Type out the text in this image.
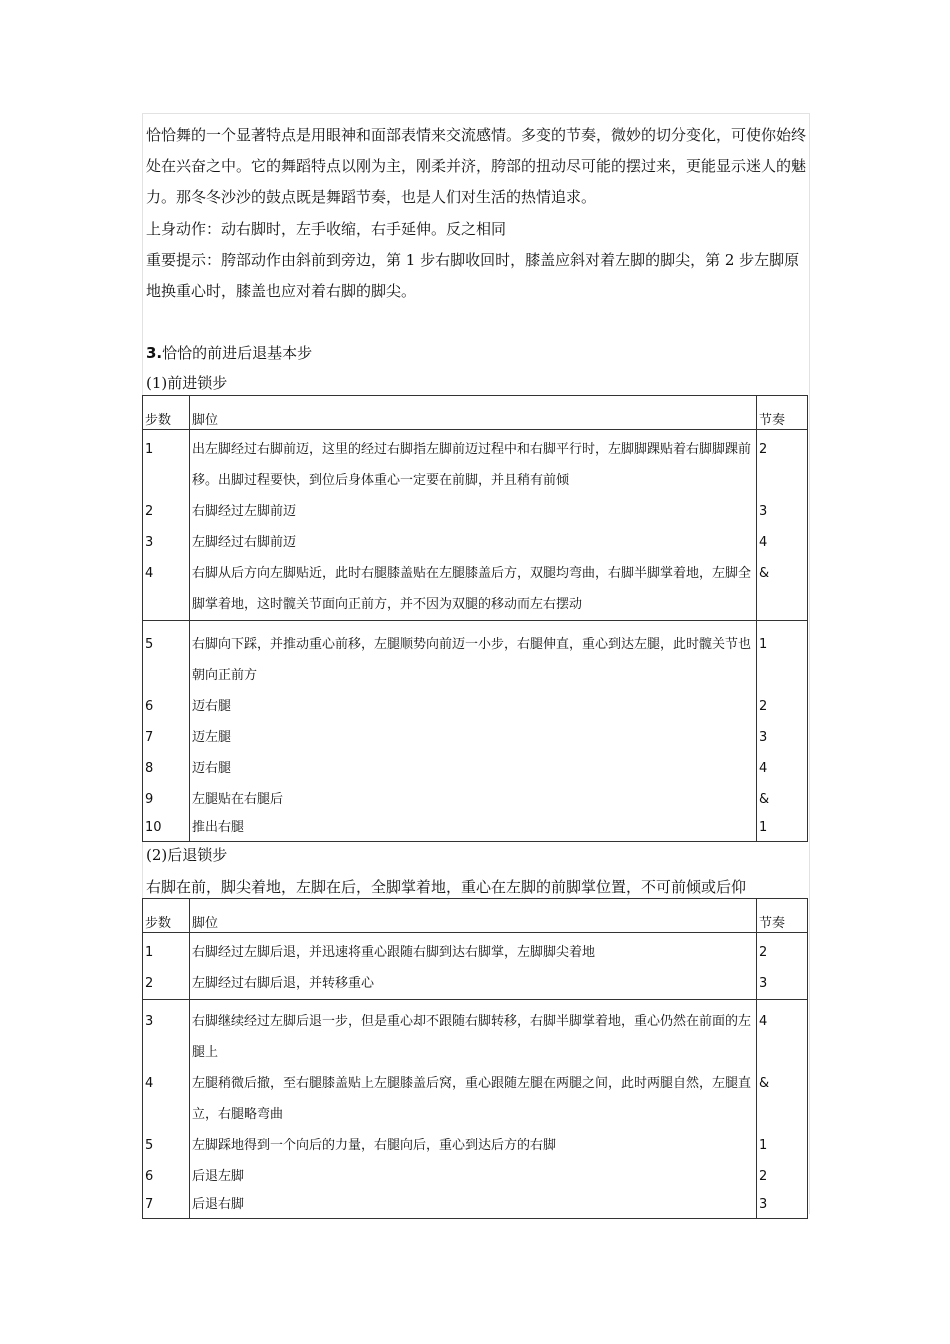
恰恰舞的一个显著特点是用眼神和面部表情来交流感情。多变的节奏，微妙的切分变化，可使你始终处在兴奋之中。它的舞蹈特点以刚为主，刚柔并济，胯部的扭动尽可能的摆过来，更能显示迷人的魅力。那冬冬沙沙的鼓点既是舞蹈节奏，也是人们对生活的热情追求。
上身动作：动右脚时，左手收缩，右手延伸。反之相同
重要提示：胯部动作由斜前到旁边，第 1 步右脚收回时，膝盖应斜对着左脚的脚尖，第 2 步左脚原地换重心时，膝盖也应对着右脚的脚尖。
3.恰恰的前进后退基本步
(1)前进锁步
步数	脚位	节奏
1	出左脚经过右脚前迈，这里的经过右脚指左脚前迈过程中和右脚平行时，左脚脚踝贴着右脚脚踝前移。出脚过程要快，到位后身体重心一定要在前脚，并且稍有前倾	2
2	右脚经过左脚前迈	3
3	左脚经过右脚前迈	4
4	右脚从后方向左脚贴近，此时右腿膝盖贴在左腿膝盖后方，双腿均弯曲，右脚半脚掌着地，左脚全脚掌着地，这时髋关节面向正前方，并不因为双腿的移动而左右摆动	&
5	右脚向下踩，并推动重心前移，左腿顺势向前迈一小步，右腿伸直，重心到达左腿，此时髋关节也朝向正前方	1
6	迈右腿	2
7	迈左腿	3
8	迈右腿	4
9	左腿贴在右腿后	&
10	推出右腿	1
(2)后退锁步
右脚在前，脚尖着地，左脚在后，全脚掌着地，重心在左脚的前脚掌位置，不可前倾或后仰
步数	脚位	节奏
1	右脚经过左脚后退，并迅速将重心跟随右脚到达右脚掌，左脚脚尖着地	2
2	左脚经过右脚后退，并转移重心	3
3	右脚继续经过左脚后退一步，但是重心却不跟随右脚转移，右脚半脚掌着地，重心仍然在前面的左腿上	4
4	左腿稍微后撤，至右腿膝盖贴上左腿膝盖后窝，重心跟随左腿在两腿之间，此时两腿自然，左腿直立，右腿略弯曲	&
5	左脚踩地得到一个向后的力量，右腿向后，重心到达后方的右脚	1
6	后退左脚	2
7	后退右脚	3
